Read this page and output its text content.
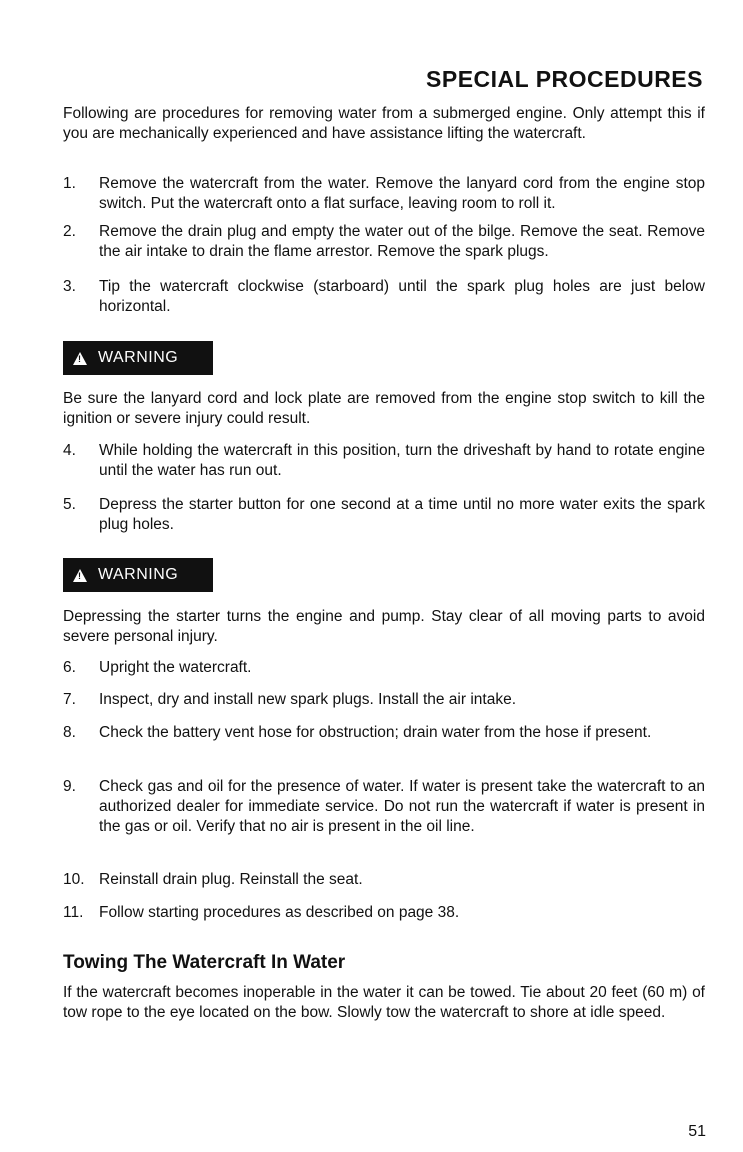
SPECIAL PROCEDURES

Following are procedures for removing water from a submerged engine. Only attempt this if you are mechanically experienced and have assistance lifting the watercraft.

1.	Remove the watercraft from the water. Remove the lanyard cord from the engine stop switch. Put the watercraft onto a flat surface, leaving room to roll it.
2.	Remove the drain plug and empty the water out of the bilge. Remove the seat. Remove the air intake to drain the flame arrestor. Remove the spark plugs.
3.	Tip the watercraft clockwise (starboard) until the spark plug holes are just below horizontal.
!
WARNING

Be sure the lanyard cord and lock plate are removed from the engine stop switch to kill the ignition or severe injury could result.

4.	While holding the watercraft in this position, turn the driveshaft by hand to rotate engine until the water has run out.
5.	Depress the starter button for one second at a time until no more water exits the spark plug holes.
!
WARNING

Depressing the starter turns the engine and pump. Stay clear of all moving parts to avoid severe personal injury.

6.	Upright the watercraft.
7.	Inspect, dry and install new spark plugs. Install the air intake.
8.	Check the battery vent hose for obstruction; drain water from the hose if present.
9.	Check gas and oil for the presence of water. If water is present take the watercraft to an authorized dealer for immediate service. Do not run the watercraft if water is present in the gas or oil. Verify that no air is present in the oil line.
10. Reinstall drain plug. Reinstall the seat.
11.	Follow starting procedures as described on page 38.
Towing The Watercraft In Water

If the watercraft becomes inoperable in the water it can be towed. Tie about 20 feet (60 m) of tow rope to the eye located on the bow. Slowly tow the watercraft to shore at idle speed.

51
